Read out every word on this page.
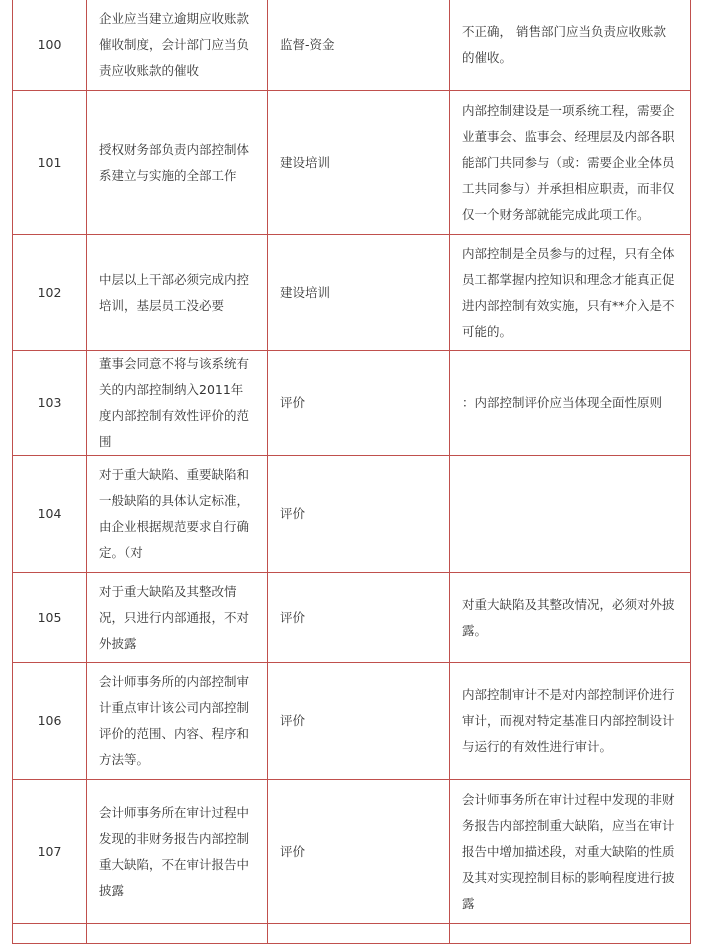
100	企业应当建立逾期应收账款催收制度，会计部门应当负责应收账款的催收	监督-资金	不正确， 销售部门应当负责应收账款的催收。
101	授权财务部负责内部控制体系建立与实施的全部工作	建设培训	内部控制建设是一项系统工程，需要企业董事会、监事会、经理层及内部各职能部门共同参与（或：需要企业全体员工共同参与）并承担相应职责，而非仅仅一个财务部就能完成此项工作。
102	中层以上干部必须完成内控培训，基层员工没必要	建设培训	内部控制是全员参与的过程，只有全体员工都掌握内控知识和理念才能真正促进内部控制有效实施，只有**介入是不可能的。
103	董事会同意不将与该系统有关的内部控制纳入2011年度内部控制有效性评价的范围	评价	：内部控制评价应当体现全面性原则
104	对于重大缺陷、重要缺陷和一般缺陷的具体认定标准，由企业根据规范要求自行确定。（对	评价	
105	对于重大缺陷及其整改情况，只进行内部通报，不对外披露	评价	对重大缺陷及其整改情况，必须对外披露。
106	会计师事务所的内部控制审计重点审计该公司内部控制评价的范围、内容、程序和方法等。	评价	内部控制审计不是对内部控制评价进行审计，而视对特定基准日内部控制设计与运行的有效性进行审计。
107	会计师事务所在审计过程中发现的非财务报告内部控制重大缺陷，不在审计报告中披露	评价	会计师事务所在审计过程中发现的非财务报告内部控制重大缺陷，应当在审计报告中增加描述段，对重大缺陷的性质及其对实现控制目标的影响程度进行披露
